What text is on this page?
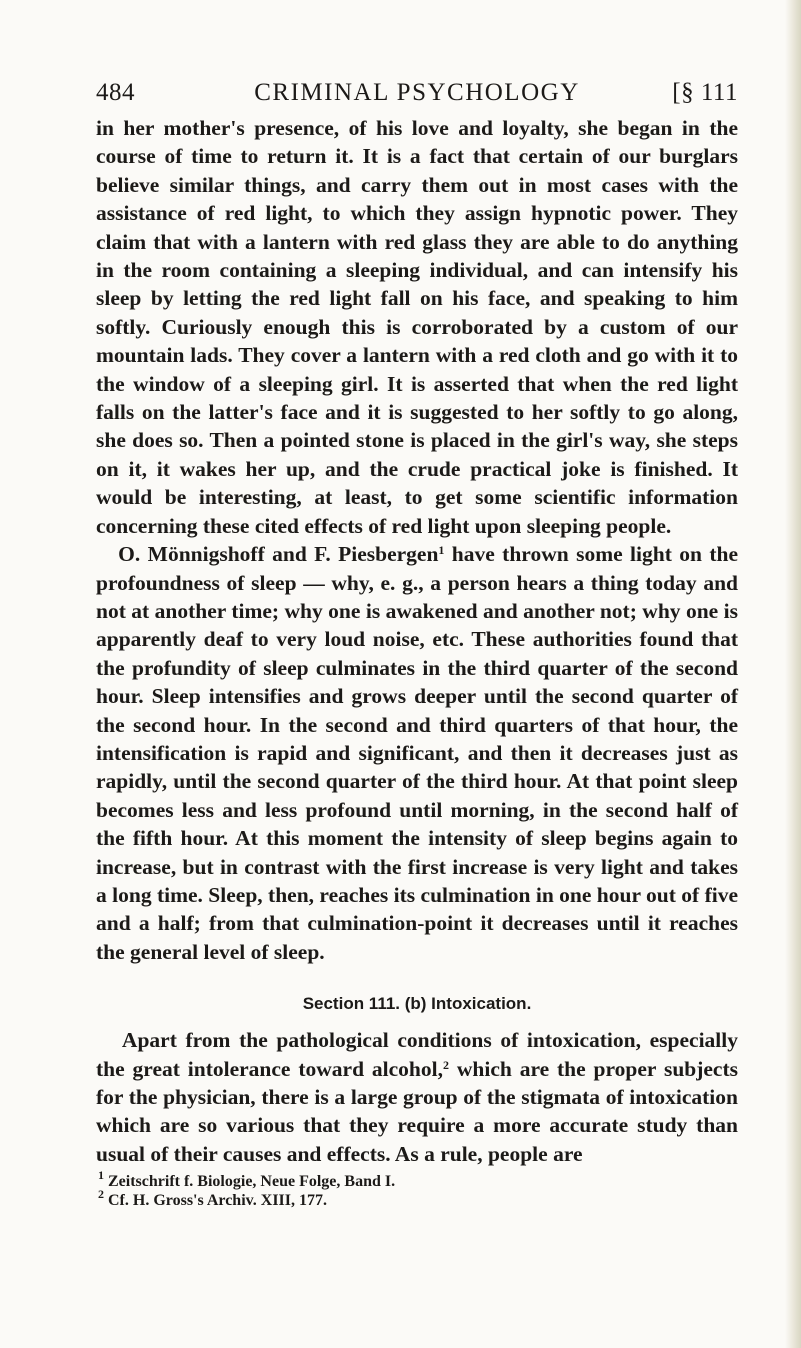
484	CRIMINAL PSYCHOLOGY	[§ 111

in her mother's presence, of his love and loyalty, she began in the course of time to return it. It is a fact that certain of our burglars believe similar things, and carry them out in most cases with the assistance of red light, to which they assign hypnotic power. They claim that with a lantern with red glass they are able to do anything in the room containing a sleeping individual, and can intensify his sleep by letting the red light fall on his face, and speaking to him softly. Curiously enough this is corroborated by a custom of our mountain lads. They cover a lantern with a red cloth and go with it to the window of a sleeping girl. It is asserted that when the red light falls on the latter's face and it is suggested to her softly to go along, she does so. Then a pointed stone is placed in the girl's way, she steps on it, it wakes her up, and the crude practical joke is finished. It would be interesting, at least, to get some scientific information concerning these cited effects of red light upon sleeping people.

O. Mönnigshoff and F. Piesbergen$^1$ have thrown some light on the profoundness of sleep — why, e. g., a person hears a thing today and not at another time; why one is awakened and another not; why one is apparently deaf to very loud noise, etc. These authorities found that the profundity of sleep culminates in the third quarter of the second hour. Sleep intensifies and grows deeper until the second quarter of the second hour. In the second and third quarters of that hour, the intensification is rapid and significant, and then it decreases just as rapidly, until the second quarter of the third hour. At that point sleep becomes less and less profound until morning, in the second half of the fifth hour. At this moment the intensity of sleep begins again to increase, but in contrast with the first increase is very light and takes a long time. Sleep, then, reaches its culmination in one hour out of five and a half; from that culmination-point it decreases until it reaches the general level of sleep.

Section 111. (b) Intoxication.

Apart from the pathological conditions of intoxication, especially the great intolerance toward alcohol,$^2$ which are the proper subjects for the physician, there is a large group of the stigmata of intoxication which are so various that they require a more accurate study than usual of their causes and effects. As a rule, people are

$^1$ Zeitschrift f. Biologie, Neue Folge, Band I.
$^2$ Cf. H. Gross's Archiv. XIII, 177.
